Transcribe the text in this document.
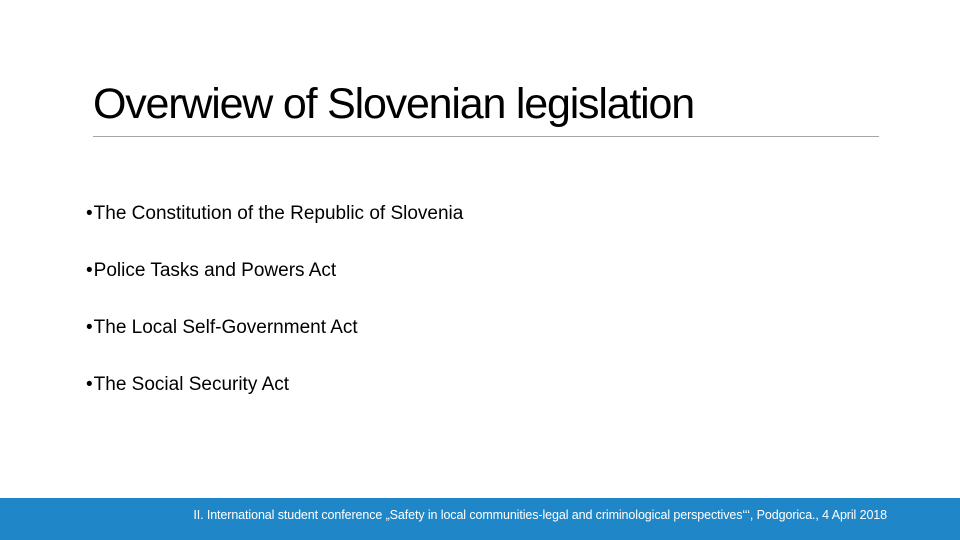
Overwiew of Slovenian legislation
•The Constitution of the Republic of Slovenia
•Police Tasks and Powers Act
•The Local Self-Government Act
•The Social Security Act
II. International student conference „Safety in local communities-legal and criminological perspectives‘‘‘, Podgorica., 4 April 2018
